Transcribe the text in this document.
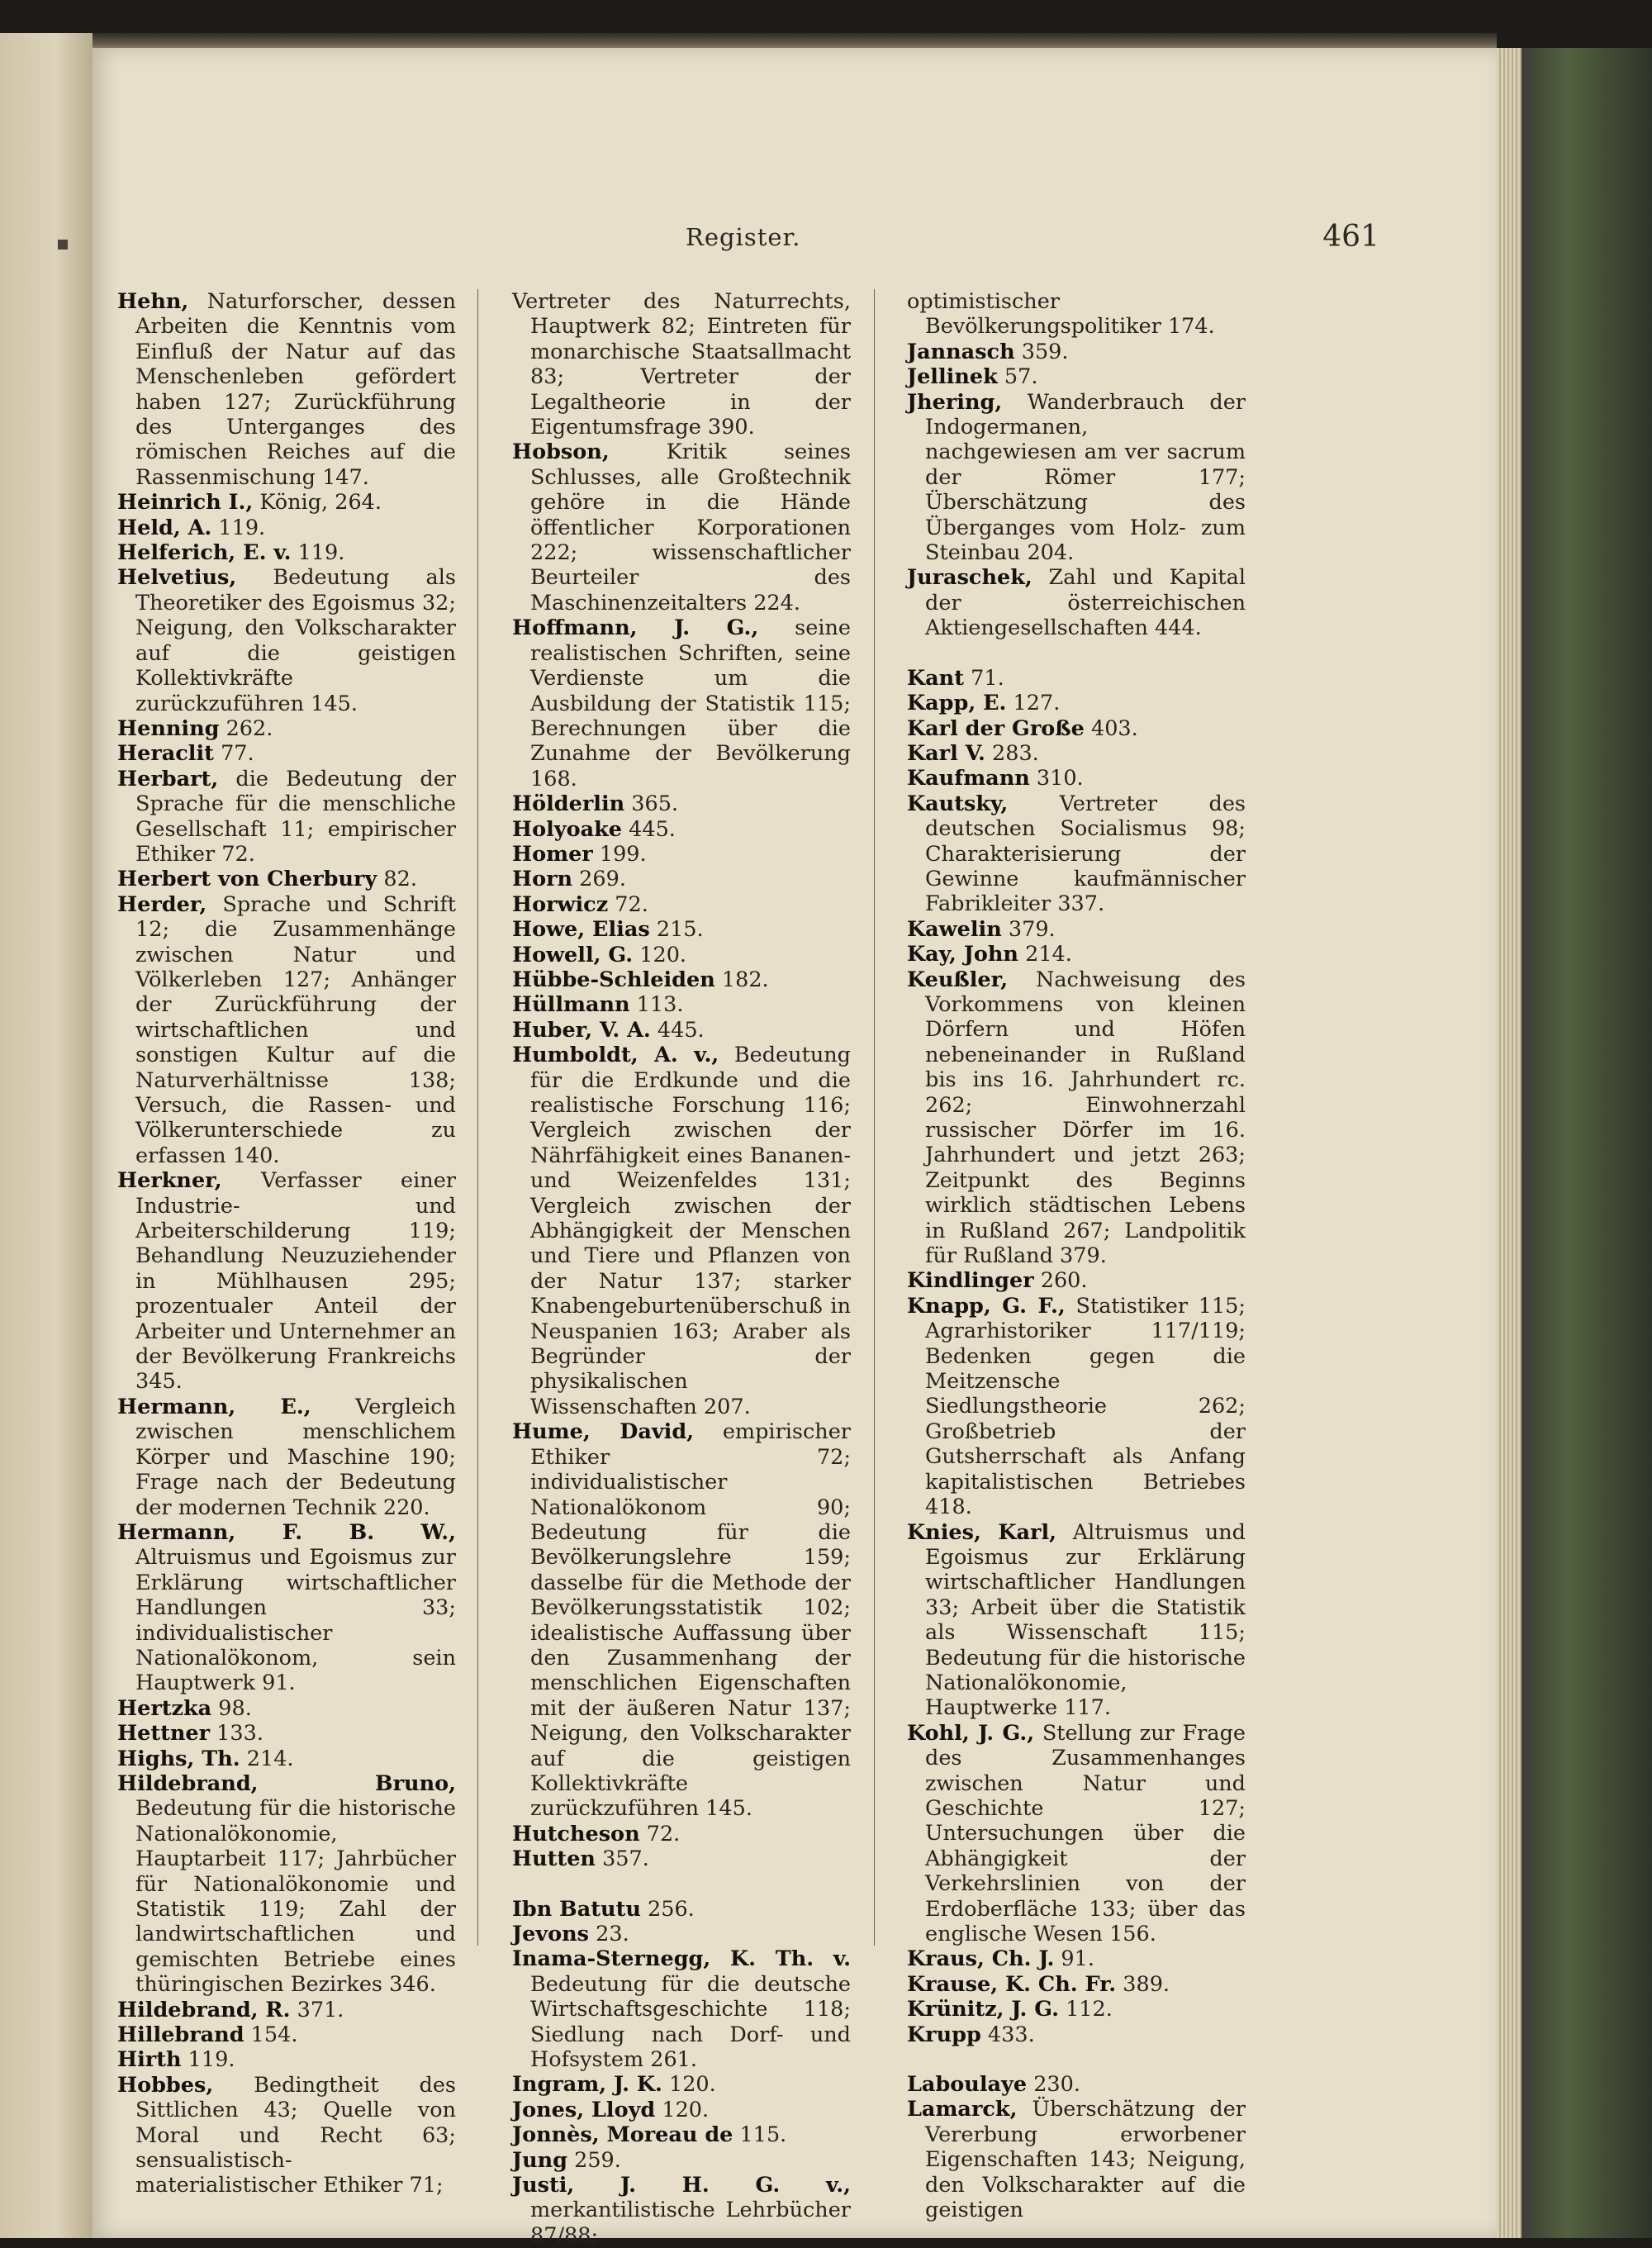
Register.	461

Hehn, Naturforscher, dessen Arbeiten die Kenntnis vom Einfluß der Natur auf das Menschenleben gefördert haben 127; Zurückführung des Unterganges des römischen Reiches auf die Rassenmischung 147.

Heinrich I., König, 264.

Held, A. 119.

Helferich, E. v. 119.

Helvetius, Bedeutung als Theoretiker des Egoismus 32; Neigung, den Volkscharakter auf die geistigen Kollektivkräfte zurückzuführen 145.

Henning 262.

Heraclit 77.

Herbart, die Bedeutung der Sprache für die menschliche Gesellschaft 11; empirischer Ethiker 72.

Herbert von Cherbury 82.

Herder, Sprache und Schrift 12; die Zusammenhänge zwischen Natur und Völkerleben 127; Anhänger der Zurückführung der wirtschaftlichen und sonstigen Kultur auf die Naturverhältnisse 138; Versuch, die Rassen- und Völkerunterschiede zu erfassen 140.

Herkner, Verfasser einer Industrie- und Arbeiterschilderung 119; Behandlung Neuzuziehender in Mühlhausen 295; prozentualer Anteil der Arbeiter und Unternehmer an der Bevölkerung Frankreichs 345.

Hermann, E., Vergleich zwischen menschlichem Körper und Maschine 190; Frage nach der Bedeutung der modernen Technik 220.

Hermann, F. B. W., Altruismus und Egoismus zur Erklärung wirtschaftlicher Handlungen 33; individualistischer Nationalökonom, sein Hauptwerk 91.

Hertzka 98.

Hettner 133.

Highs, Th. 214.

Hildebrand, Bruno, Bedeutung für die historische Nationalökonomie, Hauptarbeit 117; Jahrbücher für Nationalökonomie und Statistik 119; Zahl der landwirtschaftlichen und gemischten Betriebe eines thüringischen Bezirkes 346.

Hildebrand, R. 371.

Hillebrand 154.

Hirth 119.

Hobbes, Bedingtheit des Sittlichen 43; Quelle von Moral und Recht 63; sensualistisch-materialistischer Ethiker 71;

Vertreter des Naturrechts, Hauptwerk 82; Eintreten für monarchische Staatsallmacht 83; Vertreter der Legaltheorie in der Eigentumsfrage 390.

Hobson, Kritik seines Schlusses, alle Großtechnik gehöre in die Hände öffentlicher Korporationen 222; wissenschaftlicher Beurteiler des Maschinenzeitalters 224.

Hoffmann, J. G., seine realistischen Schriften, seine Verdienste um die Ausbildung der Statistik 115; Berechnungen über die Zunahme der Bevölkerung 168.

Hölderlin 365.

Holyoake 445.

Homer 199.

Horn 269.

Horwicz 72.

Howe, Elias 215.

Howell, G. 120.

Hübbe-Schleiden 182.

Hüllmann 113.

Huber, V. A. 445.

Humboldt, A. v., Bedeutung für die Erdkunde und die realistische Forschung 116; Vergleich zwischen der Nährfähigkeit eines Bananen- und Weizenfeldes 131; Vergleich zwischen der Abhängigkeit der Menschen und Tiere und Pflanzen von der Natur 137; starker Knabengeburtenüberschuß in Neuspanien 163; Araber als Begründer der physikalischen Wissenschaften 207.

Hume, David, empirischer Ethiker 72; individualistischer Nationalökonom 90; Bedeutung für die Bevölkerungslehre 159; dasselbe für die Methode der Bevölkerungsstatistik 102; idealistische Auffassung über den Zusammenhang der menschlichen Eigenschaften mit der äußeren Natur 137; Neigung, den Volkscharakter auf die geistigen Kollektivkräfte zurückzuführen 145.

Hutcheson 72.

Hutten 357.

Ibn Batutu 256.

Jevons 23.

Inama-Sternegg, K. Th. v. Bedeutung für die deutsche Wirtschaftsgeschichte 118; Siedlung nach Dorf- und Hofsystem 261.

Ingram, J. K. 120.

Jones, Lloyd 120.

Jonnès, Moreau de 115.

Jung 259.

Justi, J. H. G. v., merkantilistische Lehrbücher 87/88;

optimistischer Bevölkerungspolitiker 174.

Jannasch 359.

Jellinek 57.

Jhering, Wanderbrauch der Indogermanen, nachgewiesen am ver sacrum der Römer 177; Überschätzung des Überganges vom Holz- zum Steinbau 204.

Juraschek, Zahl und Kapital der österreichischen Aktiengesellschaften 444.

Kant 71.

Kapp, E. 127.

Karl der Große 403.

Karl V. 283.

Kaufmann 310.

Kautsky, Vertreter des deutschen Socialismus 98; Charakterisierung der Gewinne kaufmännischer Fabrikleiter 337.

Kawelin 379.

Kay, John 214.

Keußler, Nachweisung des Vorkommens von kleinen Dörfern und Höfen nebeneinander in Rußland bis ins 16. Jahrhundert rc. 262; Einwohnerzahl russischer Dörfer im 16. Jahrhundert und jetzt 263; Zeitpunkt des Beginns wirklich städtischen Lebens in Rußland 267; Landpolitik für Rußland 379.

Kindlinger 260.

Knapp, G. F., Statistiker 115; Agrarhistoriker 117/119; Bedenken gegen die Meitzensche Siedlungstheorie 262; Großbetrieb der Gutsherrschaft als Anfang kapitalistischen Betriebes 418.

Knies, Karl, Altruismus und Egoismus zur Erklärung wirtschaftlicher Handlungen 33; Arbeit über die Statistik als Wissenschaft 115; Bedeutung für die historische Nationalökonomie, Hauptwerke 117.

Kohl, J. G., Stellung zur Frage des Zusammenhanges zwischen Natur und Geschichte 127; Untersuchungen über die Abhängigkeit der Verkehrslinien von der Erdoberfläche 133; über das englische Wesen 156.

Kraus, Ch. J. 91.

Krause, K. Ch. Fr. 389.

Krünitz, J. G. 112.

Krupp 433.

Laboulaye 230.

Lamarck, Überschätzung der Vererbung erworbener Eigenschaften 143; Neigung, den Volkscharakter auf die geistigen
